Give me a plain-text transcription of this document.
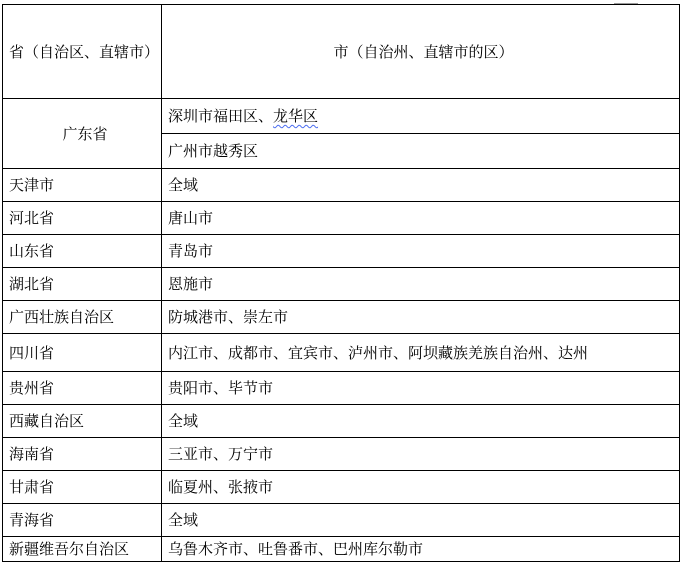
省（自治区、直辖市）	市（自治州、直辖市的区）
广东省	深圳市福田区、龙华区
	广州市越秀区
天津市	全域
河北省	唐山市
山东省	青岛市
湖北省	恩施市
广西壮族自治区	防城港市、崇左市
四川省	内江市、成都市、宜宾市、泸州市、阿坝藏族羌族自治州、达州
贵州省	贵阳市、毕节市
西藏自治区	全域
海南省	三亚市、万宁市
甘肃省	临夏州、张掖市
青海省	全域
新疆维吾尔自治区	乌鲁木齐市、吐鲁番市、巴州库尔勒市
